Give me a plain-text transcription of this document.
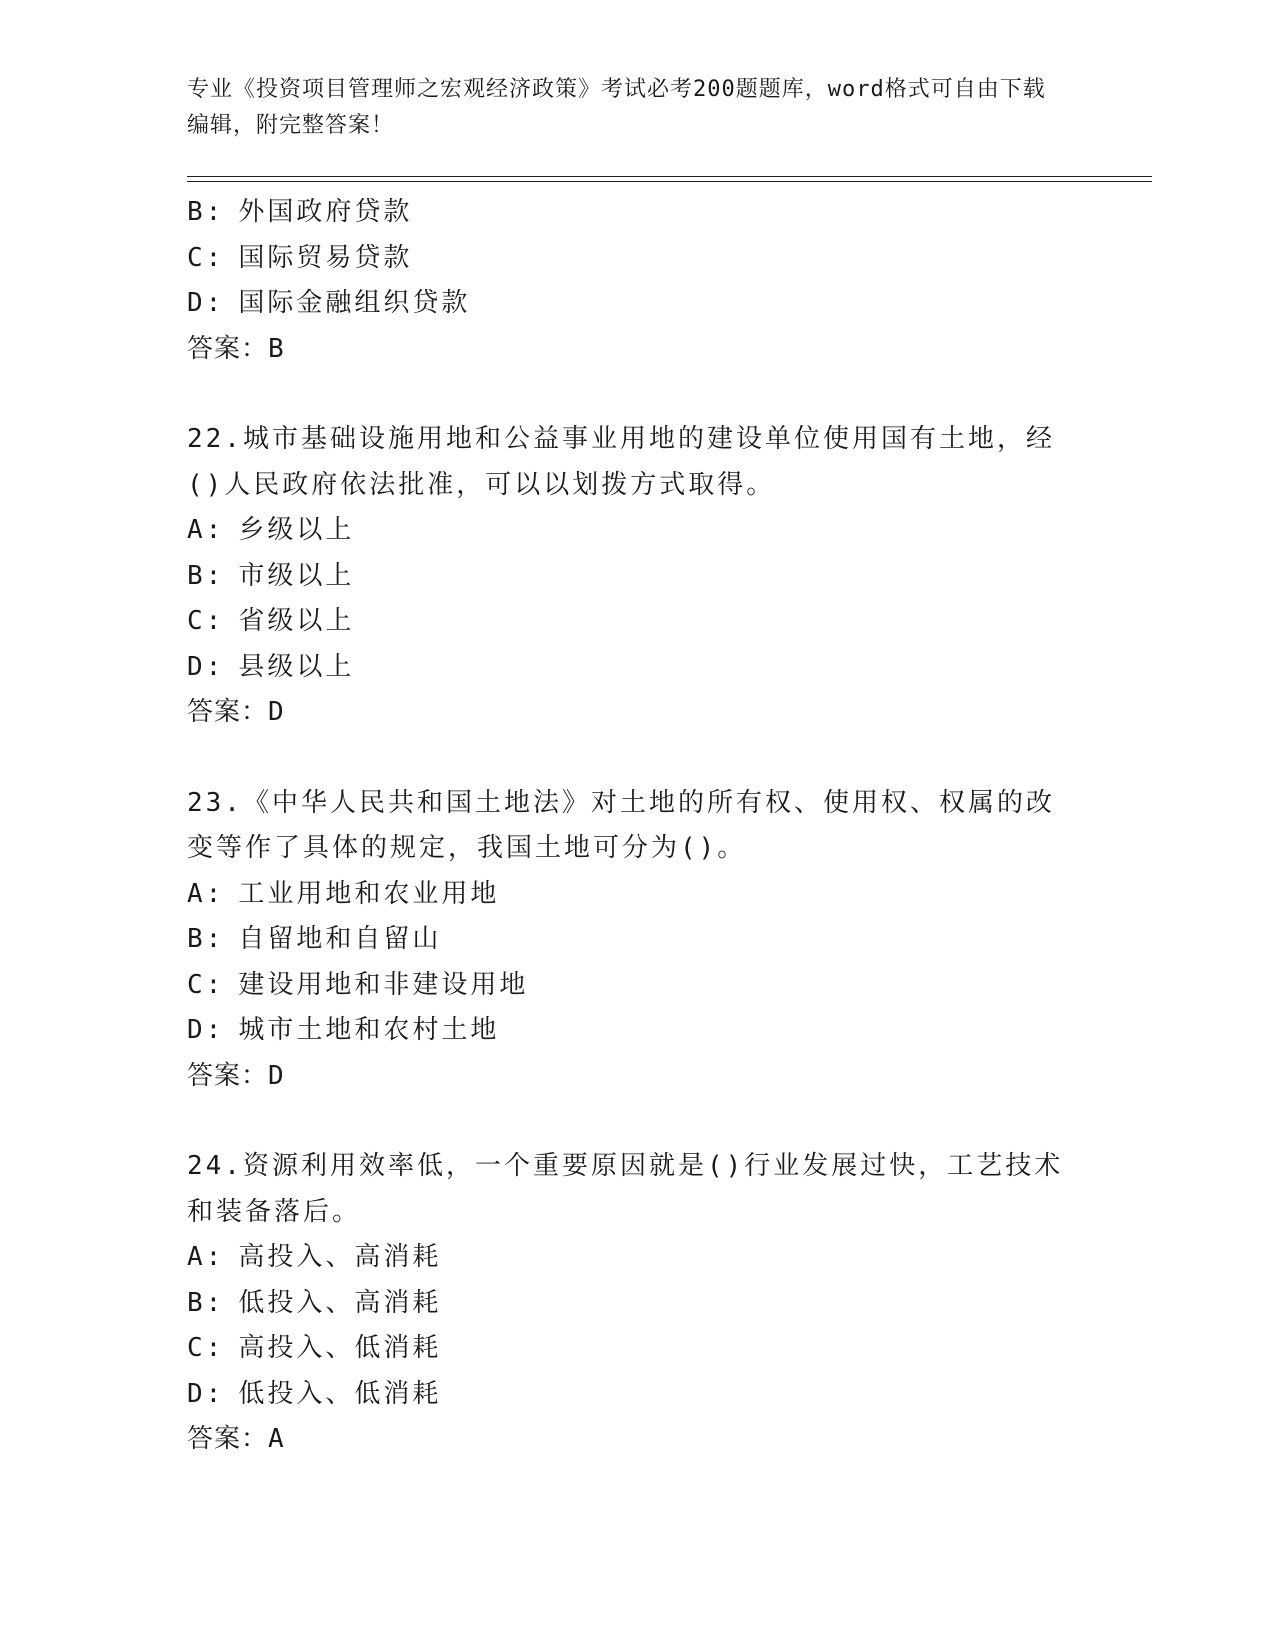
专业《投资项目管理师之宏观经济政策》考试必考200题题库，word格式可自由下载编辑，附完整答案！
B: 外国政府贷款
C: 国际贸易贷款
D: 国际金融组织贷款
答案：B
22.城市基础设施用地和公益事业用地的建设单位使用国有土地，经()人民政府依法批准，可以以划拨方式取得。
A: 乡级以上
B: 市级以上
C: 省级以上
D: 县级以上
答案：D
23.《中华人民共和国土地法》对土地的所有权、使用权、权属的改变等作了具体的规定，我国土地可分为()。
A: 工业用地和农业用地
B: 自留地和自留山
C: 建设用地和非建设用地
D: 城市土地和农村土地
答案：D
24.资源利用效率低，一个重要原因就是()行业发展过快，工艺技术和装备落后。
A: 高投入、高消耗
B: 低投入、高消耗
C: 高投入、低消耗
D: 低投入、低消耗
答案：A
